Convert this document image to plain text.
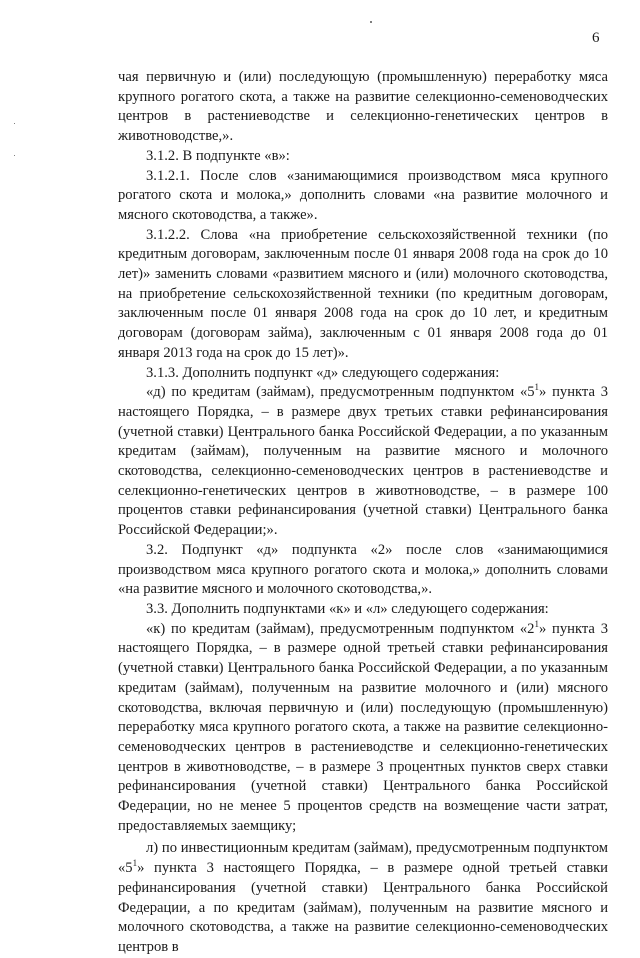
6

чая первичную и (или) последующую (промышленную) переработку мяса крупного рогатого скота, а также на развитие селекционно-семеноводческих центров в растениеводстве и селекционно-генетических центров в животноводстве,».

3.1.2. В подпункте «в»:

3.1.2.1. После слов «занимающимися производством мяса крупного рогатого скота и молока,» дополнить словами «на развитие молочного и мясного скотоводства, а также».

3.1.2.2. Слова «на приобретение сельскохозяйственной техники (по кредитным договорам, заключенным после 01 января 2008 года на срок до 10 лет)» заменить словами «развитием мясного и (или) молочного скотоводства, на приобретение сельскохозяйственной техники (по кредитным договорам, заключенным после 01 января 2008 года на срок до 10 лет, и кредитным договорам (договорам займа), заключенным с 01 января 2008 года до 01 января 2013 года на срок до 15 лет)».

3.1.3. Дополнить подпункт «д» следующего содержания:

«д) по кредитам (займам), предусмотренным подпунктом «$5^1$» пункта 3 настоящего Порядка, – в размере двух третьих ставки рефинансирования (учетной ставки) Центрального банка Российской Федерации, а по указанным кредитам (займам), полученным на развитие мясного и молочного скотоводства, селекционно-семеноводческих центров в растениеводстве и селекционно-генетических центров в животноводстве, – в размере 100 процентов ставки рефинансирования (учетной ставки) Центрального банка Российской Федерации;».

3.2. Подпункт «д» подпункта «2» после слов «занимающимися производством мяса крупного рогатого скота и молока,» дополнить словами «на развитие мясного и молочного скотоводства,».

3.3. Дополнить подпунктами «к» и «л» следующего содержания:

«к) по кредитам (займам), предусмотренным подпунктом «$2^1$» пункта 3 настоящего Порядка, – в размере одной третьей ставки рефинансирования (учетной ставки) Центрального банка Российской Федерации, а по указанным кредитам (займам), полученным на развитие молочного и (или) мясного скотоводства, включая первичную и (или) последующую (промышленную) переработку мяса крупного рогатого скота, а также на развитие селекционно-семеноводческих центров в растениеводстве и селекционно-генетических центров в животноводстве, – в размере 3 процентных пунктов сверх ставки рефинансирования (учетной ставки) Центрального банка Российской Федерации, но не менее 5 процентов средств на возмещение части затрат, предоставляемых заемщику;

л) по инвестиционным кредитам (займам), предусмотренным подпунктом «$5^1$» пункта 3 настоящего Порядка, – в размере одной третьей ставки рефинансирования (учетной ставки) Центрального банка Российской Федерации, а по кредитам (займам), полученным на развитие мясного и молочного скотоводства, а также на развитие селекционно-семеноводческих центров в
